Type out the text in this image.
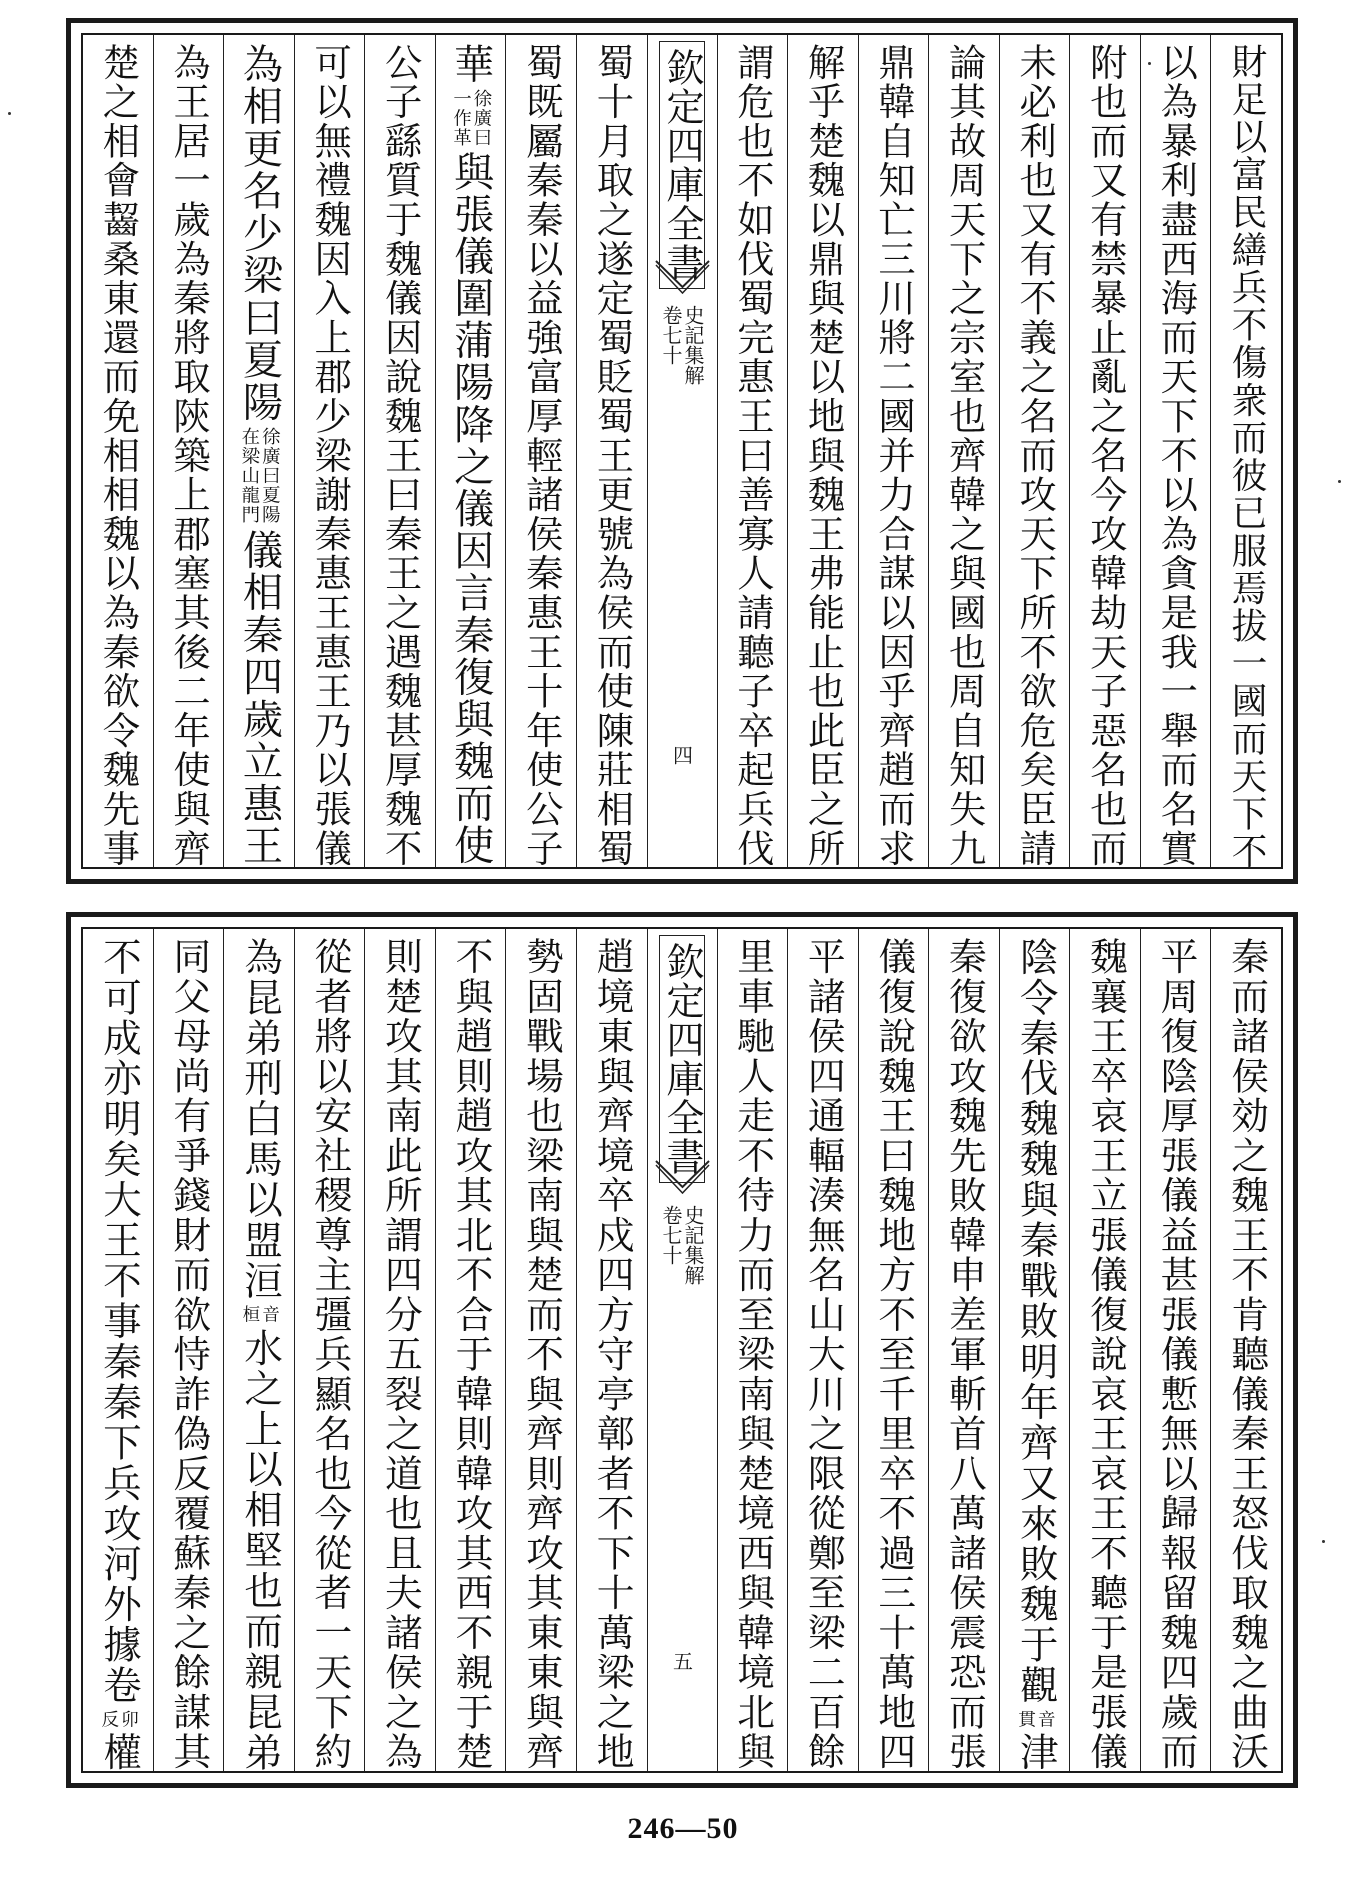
財足以富民繕兵不傷衆而彼已服焉拔一國而天下不
以為暴利盡西海而天下不以為貪是我一舉而名實
附也而又有禁暴止亂之名今攻韓劫天子惡名也而
未必利也又有不義之名而攻天下所不欲危矣臣請
論其故周天下之宗室也齊韓之與國也周自知失九
鼎韓自知亡三川將二國并力合謀以因乎齊趙而求
解乎楚魏以鼎與楚以地與魏王弗能止也此臣之所
謂危也不如伐蜀完惠王曰善寡人請聽子卒起兵伐
欽定四庫全書
史記集解
卷七十
四
蜀十月取之遂定蜀貶蜀王更號為侯而使陳莊相蜀
蜀既屬秦秦以益強富厚輕諸侯秦惠王十年使公子
華
徐廣曰
一作革
與張儀圍蒲陽降之儀因言秦復與魏而使
公子繇質于魏儀因說魏王曰秦王之遇魏甚厚魏不
可以無禮魏因入上郡少梁謝秦惠王惠王乃以張儀
為相更名少梁曰夏陽
徐廣曰夏陽
在梁山龍門
儀相秦四歲立惠王
為王居一歲為秦將取陝築上郡塞其後二年使與齊
楚之相會齧桑東還而免相相魏以為秦欲令魏先事
秦而諸侯効之魏王不肯聽儀秦王怒伐取魏之曲沃
平周復陰厚張儀益甚張儀慙無以歸報留魏四歲而
魏襄王卒哀王立張儀復說哀王哀王不聽于是張儀
陰令秦伐魏魏與秦戰敗明年齊又來敗魏于觀
音
貫
津
秦復欲攻魏先敗韓申差軍斬首八萬諸侯震恐而張
儀復說魏王曰魏地方不至千里卒不過三十萬地四
平諸侯四通輻湊無名山大川之限從鄭至梁二百餘
里車馳人走不待力而至梁南與楚境西與韓境北與
欽定四庫全書
史記集解
卷七十
五
趙境東與齊境卒戍四方守亭鄣者不下十萬梁之地
勢固戰場也梁南與楚而不與齊則齊攻其東東與齊
不與趙則趙攻其北不合于韓則韓攻其西不親于楚
則楚攻其南此所謂四分五裂之道也且夫諸侯之為
從者將以安社稷尊主彊兵顯名也今從者一天下約
為昆弟刑白馬以盟洹
音
桓
水之上以相堅也而親昆弟
同父母尚有爭錢財而欲恃詐偽反覆蘇秦之餘謀其
不可成亦明矣大王不事秦秦下兵攻河外據卷
卯
反
權
246—50
